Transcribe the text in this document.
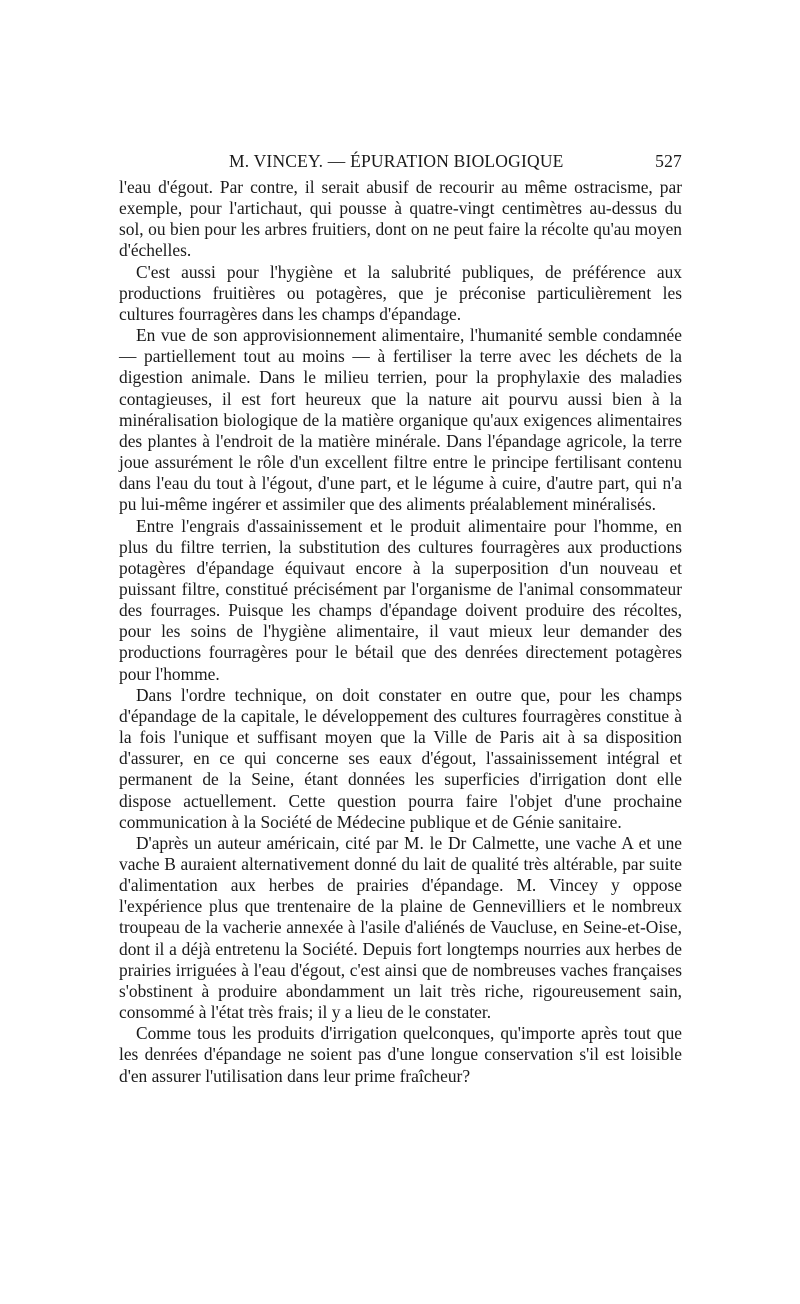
M. VINCEY. — ÉPURATION BIOLOGIQUE	527

l'eau d'égout. Par contre, il serait abusif de recourir au même ostracisme, par exemple, pour l'artichaut, qui pousse à quatre-vingt centimètres au-dessus du sol, ou bien pour les arbres fruitiers, dont on ne peut faire la récolte qu'au moyen d'échelles.

C'est aussi pour l'hygiène et la salubrité publiques, de préférence aux productions fruitières ou potagères, que je préconise particulièrement les cultures fourragères dans les champs d'épandage.

En vue de son approvisionnement alimentaire, l'humanité semble condamnée — partiellement tout au moins — à fertiliser la terre avec les déchets de la digestion animale. Dans le milieu terrien, pour la prophylaxie des maladies contagieuses, il est fort heureux que la nature ait pourvu aussi bien à la minéralisation biologique de la matière organique qu'aux exigences alimentaires des plantes à l'endroit de la matière minérale. Dans l'épandage agricole, la terre joue assurément le rôle d'un excellent filtre entre le principe fertilisant contenu dans l'eau du tout à l'égout, d'une part, et le légume à cuire, d'autre part, qui n'a pu lui-même ingérer et assimiler que des aliments préalablement minéralisés.

Entre l'engrais d'assainissement et le produit alimentaire pour l'homme, en plus du filtre terrien, la substitution des cultures fourragères aux productions potagères d'épandage équivaut encore à la superposition d'un nouveau et puissant filtre, constitué précisément par l'organisme de l'animal consommateur des fourrages. Puisque les champs d'épandage doivent produire des récoltes, pour les soins de l'hygiène alimentaire, il vaut mieux leur demander des productions fourragères pour le bétail que des denrées directement potagères pour l'homme.

Dans l'ordre technique, on doit constater en outre que, pour les champs d'épandage de la capitale, le développement des cultures fourragères constitue à la fois l'unique et suffisant moyen que la Ville de Paris ait à sa disposition d'assurer, en ce qui concerne ses eaux d'égout, l'assainissement intégral et permanent de la Seine, étant données les superficies d'irrigation dont elle dispose actuellement. Cette question pourra faire l'objet d'une prochaine communication à la Société de Médecine publique et de Génie sanitaire.

D'après un auteur américain, cité par M. le Dr Calmette, une vache A et une vache B auraient alternativement donné du lait de qualité très altérable, par suite d'alimentation aux herbes de prairies d'épandage. M. Vincey y oppose l'expérience plus que trentenaire de la plaine de Gennevilliers et le nombreux troupeau de la vacherie annexée à l'asile d'aliénés de Vaucluse, en Seine-et-Oise, dont il a déjà entretenu la Société. Depuis fort longtemps nourries aux herbes de prairies irriguées à l'eau d'égout, c'est ainsi que de nombreuses vaches françaises s'obstinent à produire abondamment un lait très riche, rigoureusement sain, consommé à l'état très frais; il y a lieu de le constater.

Comme tous les produits d'irrigation quelconques, qu'importe après tout que les denrées d'épandage ne soient pas d'une longue conservation s'il est loisible d'en assurer l'utilisation dans leur prime fraîcheur?
